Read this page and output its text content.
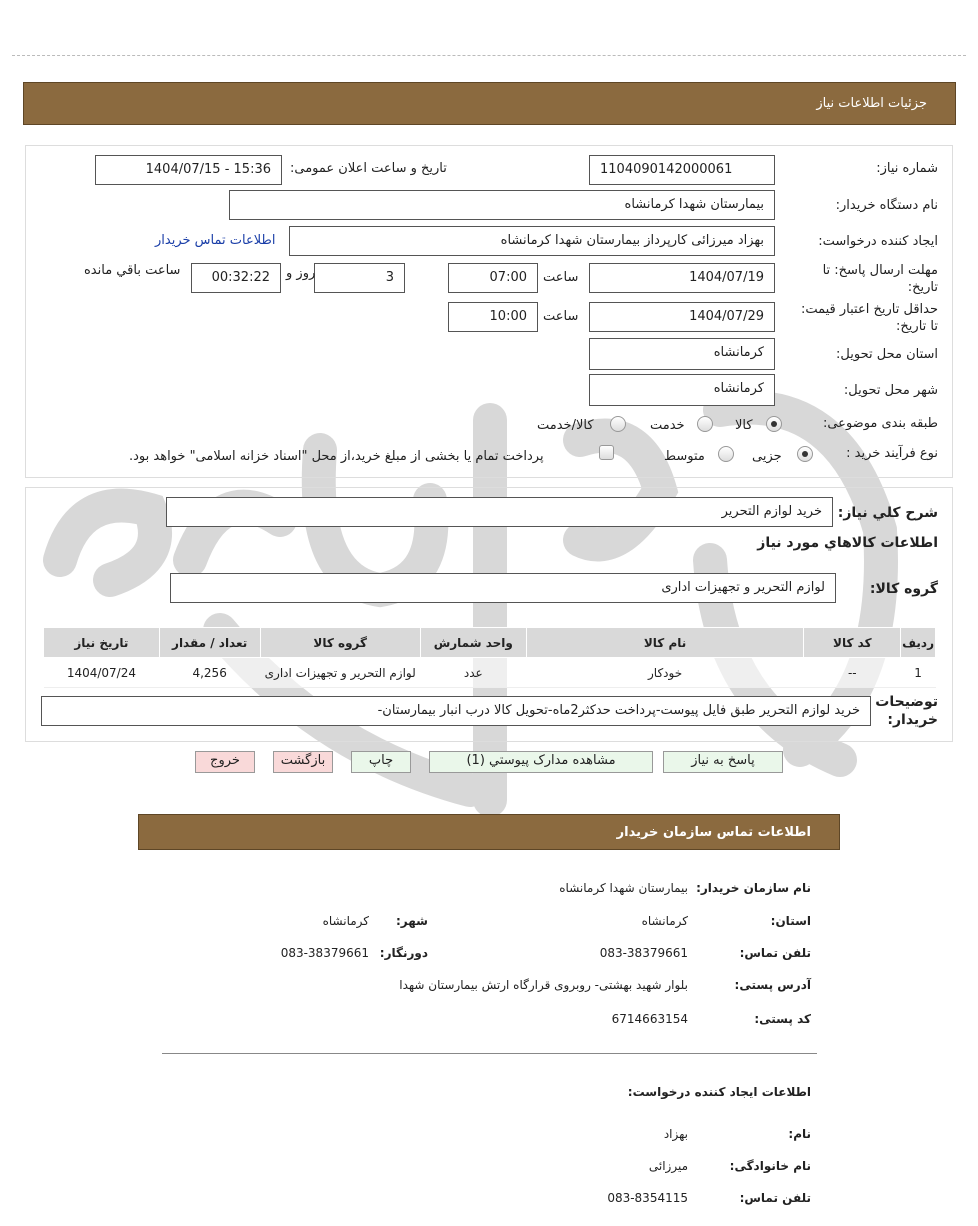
جزئیات اطلاعات نیاز
شماره نیاز:
1104090142000061
تاریخ و ساعت اعلان عمومی:
1404/07/15 - 15:36
نام دستگاه خریدار:
بیمارستان شهدا کرمانشاه
ایجاد کننده درخواست:
بهزاد میرزائی کارپرداز بیمارستان شهدا کرمانشاه
اطلاعات تماس خریدار
مهلت ارسال پاسخ: تا
تاریخ:
1404/07/19
ساعت
07:00
3
روز و
00:32:22
ساعت باقي مانده
حداقل تاریخ اعتبار قیمت:
تا تاریخ:
1404/07/29
ساعت
10:00
استان محل تحویل:
کرمانشاه
شهر محل تحویل:
کرمانشاه
طبقه بندی موضوعی:
کالا
خدمت
کالا/خدمت
نوع فرآیند خرید :
جزیی
متوسط
پرداخت تمام یا بخشی از مبلغ خرید،از محل "اسناد خزانه اسلامی" خواهد بود.
شرح کلي نياز:
خرید لوازم التحریر
اطلاعات کالاهاي مورد نياز
گروه کالا:
لوازم التحریر و تجهیزات اداری
رديف	کد کالا	نام کالا	واحد شمارش	گروه کالا	تعداد / مقدار	تاریخ نیاز
1	--	خودکار	عدد	لوازم التحریر و تجهیزات اداری	4,256	1404/07/24
توضیحات
خریدار:
خرید لوازم التحریر طبق فایل پیوست-پرداخت حدکثر2ماه-تحویل کالا درب انبار بیمارستان-
پاسخ به نیاز
مشاهده مدارک پیوستي (1)
چاپ
بازگشت
خروج
اطلاعات تماس سازمان خریدار
نام سازمان خریدار:
بیمارستان شهدا کرمانشاه
استان:
کرمانشاه
شهر:
کرمانشاه
تلفن تماس:
083-38379661
دورنگار:
083-38379661
آدرس پستی:
بلوار شهید بهشتی- روبروی قرارگاه ارتش بیمارستان شهدا
کد پستی:
6714663154
اطلاعات ایجاد کننده درخواست:
نام:
بهزاد
نام خانوادگی:
میرزائی
تلفن تماس:
083-8354115
